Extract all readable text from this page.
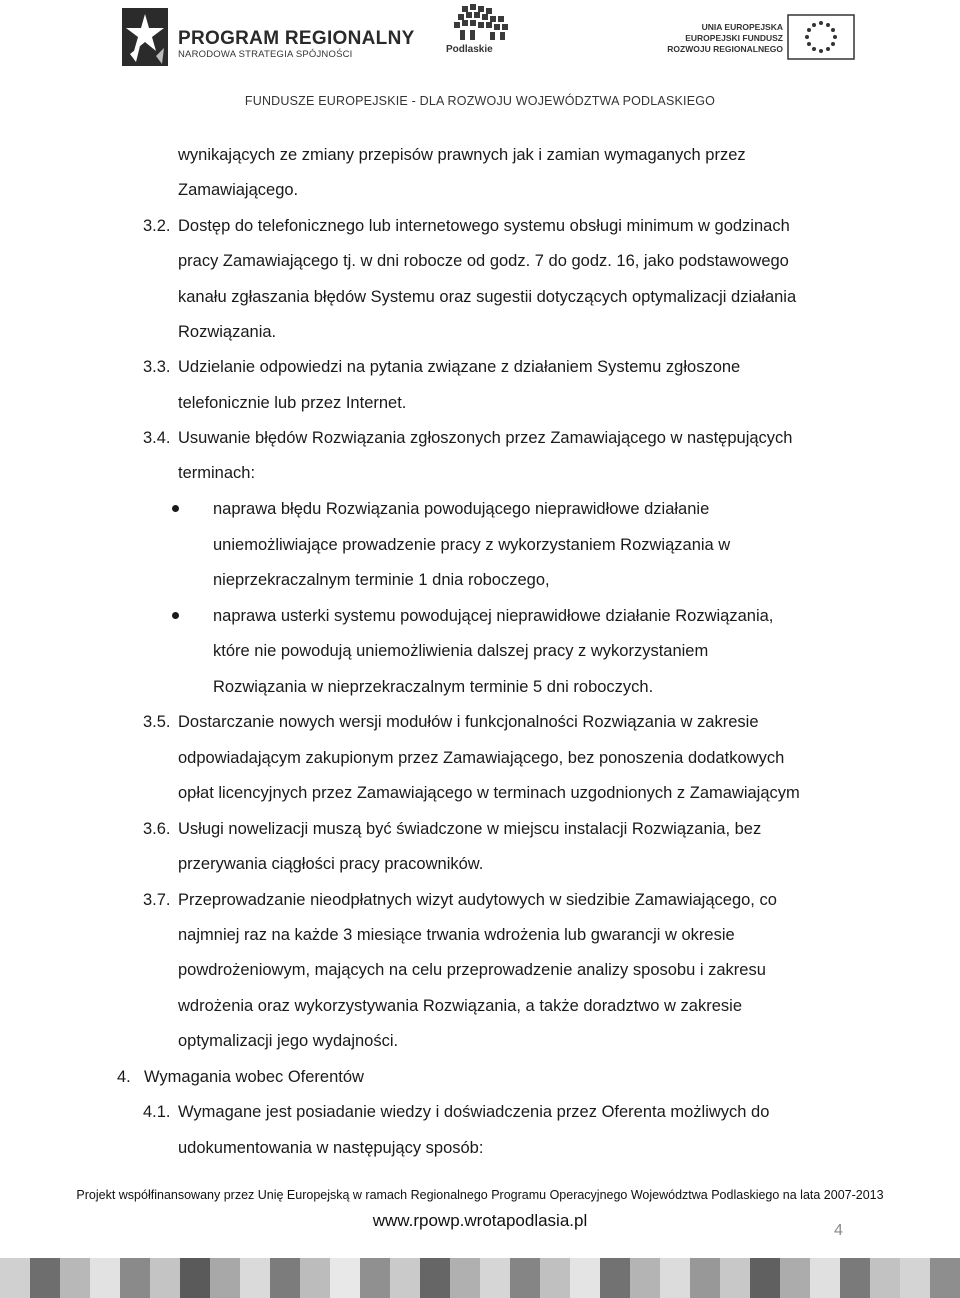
PROGRAM REGIONALNY
NARODOWA STRATEGIA SPÓJNOŚCI	Podlaskie
UNIA EUROPEJSKA
EUROPEJSKI FUNDUSZ
ROZWOJU REGIONALNEGO
FUNDUSZE EUROPEJSKIE - DLA ROZWOJU WOJEWÓDZTWA PODLASKIEGO
wynikających ze zmiany przepisów prawnych jak i zamian wymaganych przez
Zamawiającego.
3.2. Dostęp do telefonicznego lub internetowego systemu obsługi minimum w godzinach
pracy Zamawiającego tj. w dni robocze od godz. 7 do godz. 16, jako podstawowego
kanału zgłaszania błędów Systemu oraz sugestii dotyczących optymalizacji działania
Rozwiązania.
3.3. Udzielanie odpowiedzi na pytania związane z działaniem Systemu zgłoszone
telefonicznie lub przez Internet.
3.4. Usuwanie błędów Rozwiązania zgłoszonych przez Zamawiającego w następujących
terminach:
naprawa błędu Rozwiązania powodującego nieprawidłowe działanie
uniemożliwiające prowadzenie pracy z wykorzystaniem Rozwiązania w
nieprzekraczalnym terminie 1 dnia roboczego,
naprawa usterki systemu powodującej nieprawidłowe działanie Rozwiązania,
które nie powodują uniemożliwienia dalszej pracy z wykorzystaniem
Rozwiązania w nieprzekraczalnym terminie 5 dni roboczych.
3.5. Dostarczanie nowych wersji modułów i funkcjonalności Rozwiązania w zakresie
odpowiadającym zakupionym przez Zamawiającego, bez ponoszenia dodatkowych
opłat licencyjnych przez Zamawiającego w terminach uzgodnionych z Zamawiającym
3.6. Usługi nowelizacji muszą być świadczone w miejscu instalacji Rozwiązania, bez
przerywania ciągłości pracy pracowników.
3.7. Przeprowadzanie nieodpłatnych wizyt audytowych w siedzibie Zamawiającego, co
najmniej raz na każde 3 miesiące trwania wdrożenia lub gwarancji w okresie
powdrożeniowym, mających na celu przeprowadzenie analizy sposobu i zakresu
wdrożenia oraz wykorzystywania Rozwiązania, a także doradztwo w zakresie
optymalizacji jego wydajności.
4. Wymagania wobec Oferentów
4.1. Wymagane jest posiadanie wiedzy i doświadczenia przez Oferenta możliwych do
udokumentowania w następujący sposób:
Projekt współfinansowany przez Unię Europejską w ramach Regionalnego Programu Operacyjnego Województwa Podlaskiego na lata 2007-2013
www.rpowp.wrotapodlasia.pl
4
